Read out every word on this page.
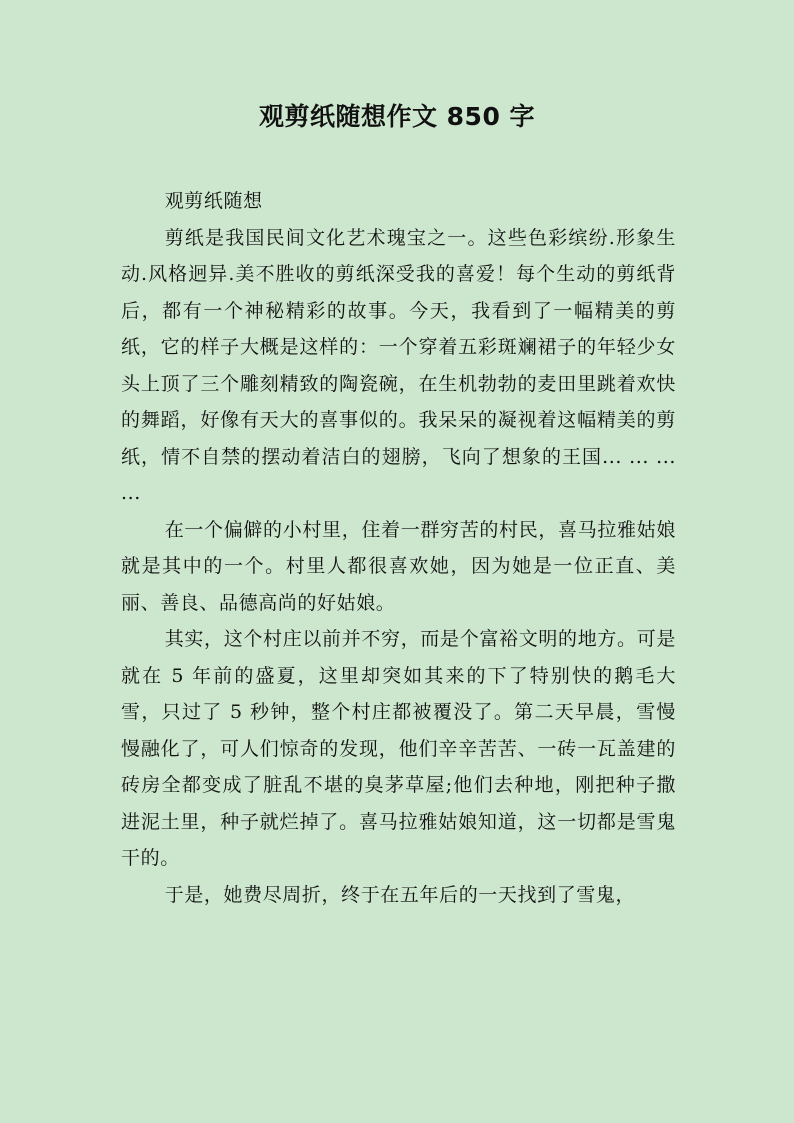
观剪纸随想作文 850 字

观剪纸随想

剪纸是我国民间文化艺术瑰宝之一。这些色彩缤纷.形象生动.风格迥异.美不胜收的剪纸深受我的喜爱！每个生动的剪纸背后，都有一个神秘精彩的故事。今天，我看到了一幅精美的剪纸，它的样子大概是这样的：一个穿着五彩斑斓裙子的年轻少女头上顶了三个雕刻精致的陶瓷碗，在生机勃勃的麦田里跳着欢快的舞蹈，好像有天大的喜事似的。我呆呆的凝视着这幅精美的剪纸，情不自禁的摆动着洁白的翅膀，飞向了想象的王国... ... ... ...

在一个偏僻的小村里，住着一群穷苦的村民，喜马拉雅姑娘就是其中的一个。村里人都很喜欢她，因为她是一位正直、美丽、善良、品德高尚的好姑娘。

其实，这个村庄以前并不穷，而是个富裕文明的地方。可是就在 5 年前的盛夏，这里却突如其来的下了特别快的鹅毛大雪，只过了 5 秒钟，整个村庄都被覆没了。第二天早晨，雪慢慢融化了，可人们惊奇的发现，他们辛辛苦苦、一砖一瓦盖建的砖房全都变成了脏乱不堪的臭茅草屋;他们去种地，刚把种子撒进泥土里，种子就烂掉了。喜马拉雅姑娘知道，这一切都是雪鬼干的。

于是，她费尽周折，终于在五年后的一天找到了雪鬼，
